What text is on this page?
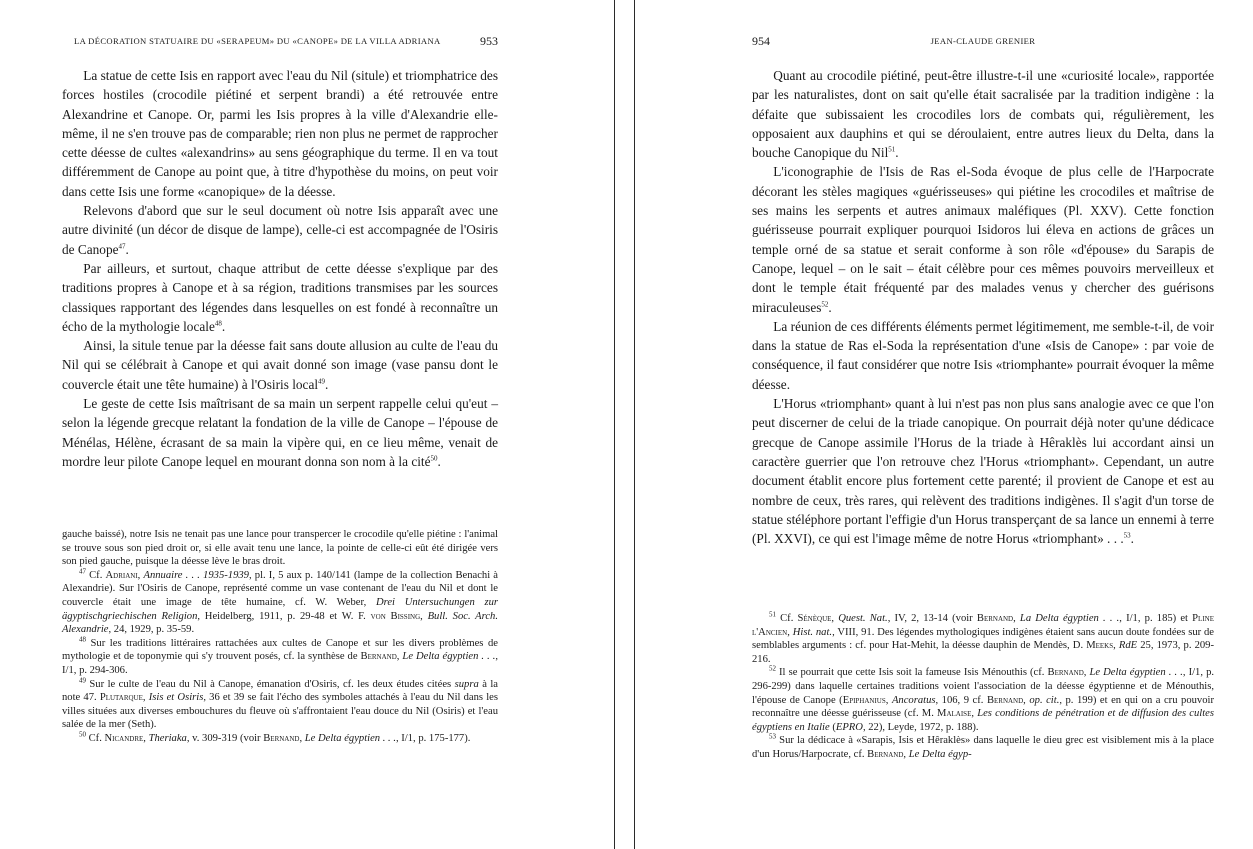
LA DÉCORATION STATUAIRE DU «SERAPEUM» DU «CANOPE» DE LA VILLA ADRIANA	953

La statue de cette Isis en rapport avec l'eau du Nil (situle) et triomphatrice des forces hostiles (crocodile piétiné et serpent brandi) a été retrouvée entre Alexandrine et Canope. Or, parmi les Isis propres à la ville d'Alexandrie elle-même, il ne s'en trouve pas de comparable; rien non plus ne permet de rapprocher cette déesse de cultes «alexandrins» au sens géographique du terme. Il en va tout différemment de Canope au point que, à titre d'hypothèse du moins, on peut voir dans cette Isis une forme «canopique» de la déesse.

Relevons d'abord que sur le seul document où notre Isis apparaît avec une autre divinité (un décor de disque de lampe), celle-ci est accompagnée de l'Osiris de Canope$^{47}$.

Par ailleurs, et surtout, chaque attribut de cette déesse s'explique par des traditions propres à Canope et à sa région, traditions transmises par les sources classiques rapportant des légendes dans lesquelles on est fondé à reconnaître un écho de la mythologie locale$^{48}$.

Ainsi, la situle tenue par la déesse fait sans doute allusion au culte de l'eau du Nil qui se célébrait à Canope et qui avait donné son image (vase pansu dont le couvercle était une tête humaine) à l'Osiris local$^{49}$.

Le geste de cette Isis maîtrisant de sa main un serpent rappelle celui qu'eut – selon la légende grecque relatant la fondation de la ville de Canope – l'épouse de Ménélas, Hélène, écrasant de sa main la vipère qui, en ce lieu même, venait de mordre leur pilote Canope lequel en mourant donna son nom à la cité$^{50}$.

gauche baissé), notre Isis ne tenait pas une lance pour transpercer le crocodile qu'elle piétine : l'animal se trouve sous son pied droit or, si elle avait tenu une lance, la pointe de celle-ci eût été dirigée vers son pied gauche, puisque la déesse lève le bras droit.

$^{47}$ Cf. Adriani, Annuaire . . . 1935-1939, pl. I, 5 aux p. 140/141 (lampe de la collection Benachi à Alexandrie). Sur l'Osiris de Canope, représenté comme un vase contenant de l'eau du Nil et dont le couvercle était une image de tête humaine, cf. W. Weber, Drei Untersuchungen zur ägyptischgriechischen Religion, Heidelberg, 1911, p. 29-48 et W. F. von Bissing, Bull. Soc. Arch. Alexandrie, 24, 1929, p. 35-59.

$^{48}$ Sur les traditions littéraires rattachées aux cultes de Canope et sur les divers problèmes de mythologie et de toponymie qui s'y trouvent posés, cf. la synthèse de Bernand, Le Delta égyptien . . ., I/1, p. 294-306.

$^{49}$ Sur le culte de l'eau du Nil à Canope, émanation d'Osiris, cf. les deux études citées supra à la note 47. Plutarque, Isis et Osiris, 36 et 39 se fait l'écho des symboles attachés à l'eau du Nil dans les villes situées aux diverses embouchures du fleuve où s'affrontaient l'eau douce du Nil (Osiris) et l'eau salée de la mer (Seth).

$^{50}$ Cf. Nicandre, Theriaka, v. 309-319 (voir Bernand, Le Delta égyptien . . ., I/1, p. 175-177).

954	JEAN-CLAUDE GRENIER

Quant au crocodile piétiné, peut-être illustre-t-il une «curiosité locale», rapportée par les naturalistes, dont on sait qu'elle était sacralisée par la tradition indigène : la défaite que subissaient les crocodiles lors de combats qui, régulièrement, les opposaient aux dauphins et qui se déroulaient, entre autres lieux du Delta, dans la bouche Canopique du Nil$^{51}$.

L'iconographie de l'Isis de Ras el-Soda évoque de plus celle de l'Harpocrate décorant les stèles magiques «guérisseuses» qui piétine les crocodiles et maîtrise de ses mains les serpents et autres animaux maléfiques (Pl. XXV). Cette fonction guérisseuse pourrait expliquer pourquoi Isidoros lui éleva en actions de grâces un temple orné de sa statue et serait conforme à son rôle «d'épouse» du Sarapis de Canope, lequel – on le sait – était célèbre pour ces mêmes pouvoirs merveilleux et dont le temple était fréquenté par des malades venus y chercher des guérisons miraculeuses$^{52}$.

La réunion de ces différents éléments permet légitimement, me semble-t-il, de voir dans la statue de Ras el-Soda la représentation d'une «Isis de Canope» : par voie de conséquence, il faut considérer que notre Isis «triomphante» pourrait évoquer la même déesse.

L'Horus «triomphant» quant à lui n'est pas non plus sans analogie avec ce que l'on peut discerner de celui de la triade canopique. On pourrait déjà noter qu'une dédicace grecque de Canope assimile l'Horus de la triade à Hêraklès lui accordant ainsi un caractère guerrier que l'on retrouve chez l'Horus «triomphant». Cependant, un autre document établit encore plus fortement cette parenté; il provient de Canope et est au nombre de ceux, très rares, qui relèvent des traditions indigènes. Il s'agit d'un torse de statue stéléphore portant l'effigie d'un Horus transperçant de sa lance un ennemi à terre (Pl. XXVI), ce qui est l'image même de notre Horus «triomphant» . . .$^{53}$.

$^{51}$ Cf. Sénèque, Quest. Nat., IV, 2, 13-14 (voir Bernand, La Delta égyptien . . ., I/1, p. 185) et Pline l'Ancien, Hist. nat., VIII, 91. Des légendes mythologiques indigènes étaient sans aucun doute fondées sur de semblables arguments : cf. pour Hat-Mehit, la déesse dauphin de Mendès, D. Meeks, RdE 25, 1973, p. 209-216.

$^{52}$ Il se pourrait que cette Isis soit la fameuse Isis Ménouthis (cf. Bernand, Le Delta égyptien . . ., I/1, p. 296-299) dans laquelle certaines traditions voient l'association de la déesse égyptienne et de Ménouthis, l'épouse de Canope (Epiphanius, Ancoratus, 106, 9 cf. Bernand, op. cit., p. 199) et en qui on a cru pouvoir reconnaître une déesse guérisseuse (cf. M. Malaise, Les conditions de pénétration et de diffusion des cultes égyptiens en Italie (EPRO, 22), Leyde, 1972, p. 188).

$^{53}$ Sur la dédicace à «Sarapis, Isis et Hêraklès» dans laquelle le dieu grec est visiblement mis à la place d'un Horus/Harpocrate, cf. Bernand, Le Delta égyp-
